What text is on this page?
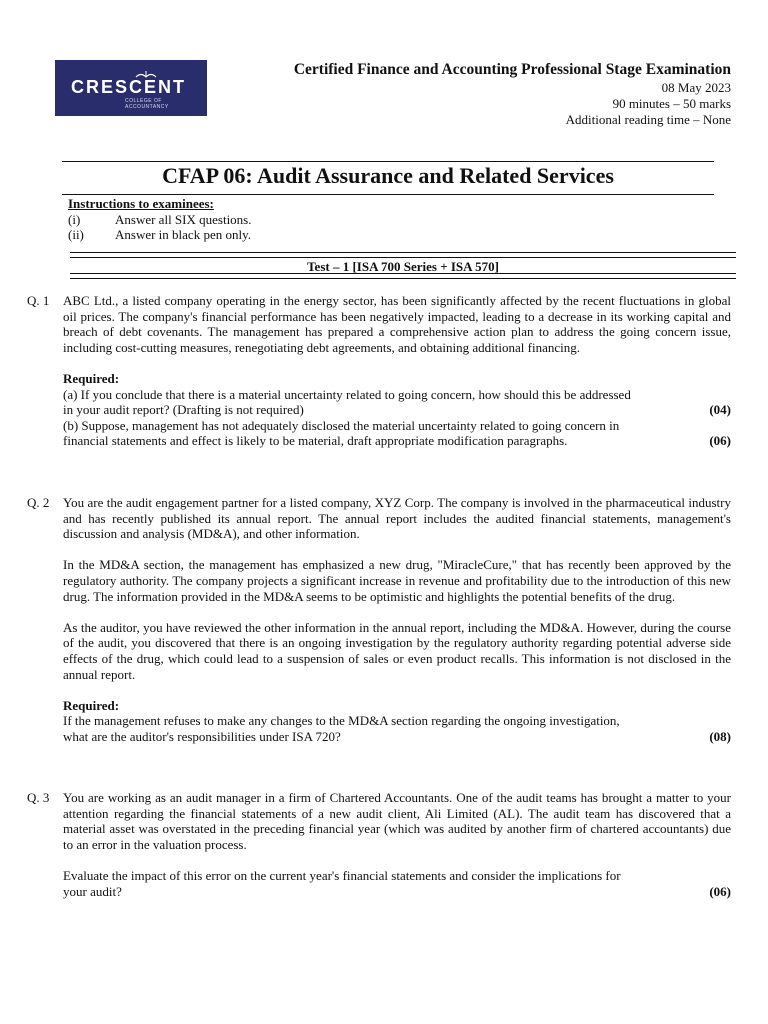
CRESCENT
COLLEGE OF ACCOUNTANCY
Certified Finance and Accounting Professional Stage Examination
08 May 2023
90 minutes – 50 marks
Additional reading time – None
CFAP 06: Audit Assurance and Related Services
Instructions to examinees:
(i)	Answer all SIX questions.
(ii)	Answer in black pen only.
Test – 1 [ISA 700 Series + ISA 570]
Q. 1 ABC Ltd., a listed company operating in the energy sector, has been significantly affected by the recent fluctuations in global oil prices. The company's financial performance has been negatively impacted, leading to a decrease in its working capital and breach of debt covenants. The management has prepared a comprehensive action plan to address the going concern issue, including cost-cutting measures, renegotiating debt agreements, and obtaining additional financing.

Required:
(a) If you conclude that there is a material uncertainty related to going concern, how should this be addressed
in your audit report? (Drafting is not required)	(04)
(b) Suppose, management has not adequately disclosed the material uncertainty related to going concern in
financial statements and effect is likely to be material, draft appropriate modification paragraphs.	(06)
Q. 2 You are the audit engagement partner for a listed company, XYZ Corp. The company is involved in the pharmaceutical industry and has recently published its annual report. The annual report includes the audited financial statements, management's discussion and analysis (MD&A), and other information.

In the MD&A section, the management has emphasized a new drug, "MiracleCure," that has recently been approved by the regulatory authority. The company projects a significant increase in revenue and profitability due to the introduction of this new drug. The information provided in the MD&A seems to be optimistic and highlights the potential benefits of the drug.

As the auditor, you have reviewed the other information in the annual report, including the MD&A. However, during the course of the audit, you discovered that there is an ongoing investigation by the regulatory authority regarding potential adverse side effects of the drug, which could lead to a suspension of sales or even product recalls. This information is not disclosed in the annual report.

Required:
If the management refuses to make any changes to the MD&A section regarding the ongoing investigation,
what are the auditor's responsibilities under ISA 720?	(08)
Q. 3 You are working as an audit manager in a firm of Chartered Accountants. One of the audit teams has brought a matter to your attention regarding the financial statements of a new audit client, Ali Limited (AL). The audit team has discovered that a material asset was overstated in the preceding financial year (which was audited by another firm of chartered accountants) due to an error in the valuation process.

Evaluate the impact of this error on the current year's financial statements and consider the implications for
your audit?	(06)
